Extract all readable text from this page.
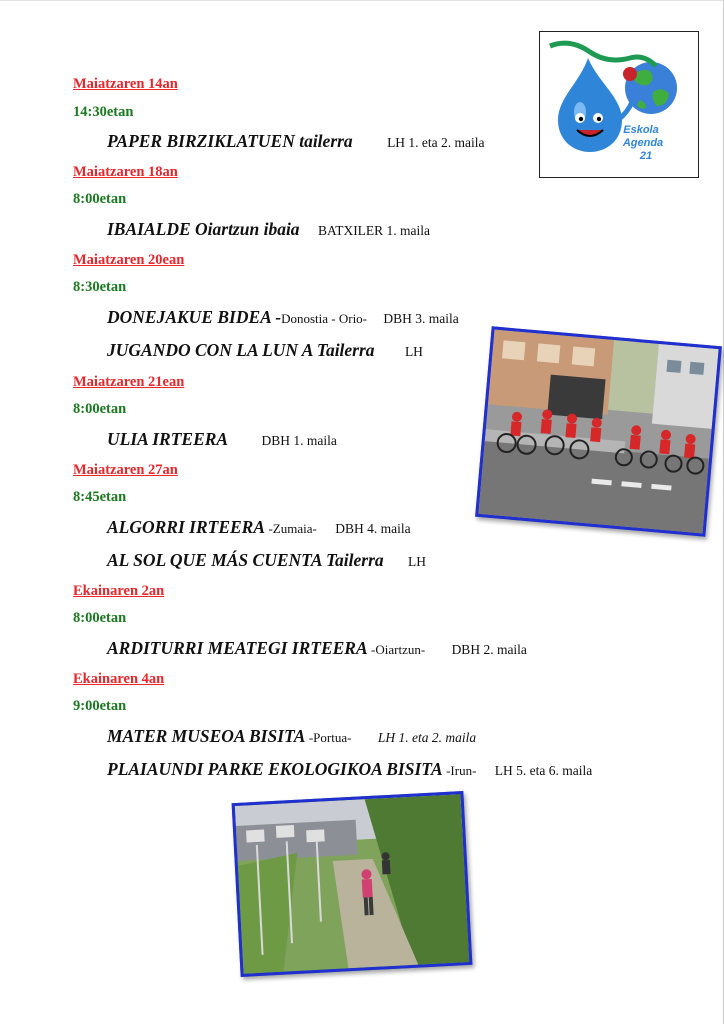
Eskola
Agenda
21
Maiatzaren 14an
14:30etan
PAPER BIRZIKLATUEN tailerra	LH 1. eta 2. maila
Maiatzaren 18an
8:00etan
IBAIALDE Oiartzun ibaia BATXILER 1. maila
Maiatzaren 20ean
8:30etan
DONEJAKUE BIDEA -Donostia - Orio- DBH 3. maila
JUGANDO CON LA LUN A Tailerra LH
Maiatzaren 21ean
8:00etan
ULIA IRTEERA	DBH 1. maila
Maiatzaren 27an
8:45etan
ALGORRI IRTEERA -Zumaia- DBH 4. maila
AL SOL QUE MÁS CUENTA Tailerra LH
Ekainaren 2an
8:00etan
ARDITURRI MEATEGI IRTEERA -Oiartzun- DBH 2. maila
Ekainaren 4an
9:00etan
MATER MUSEOA BISITA -Portua- LH 1. eta 2. maila
PLAIAUNDI PARKE EKOLOGIKOA BISITA -Irun- LH 5. eta 6. maila
